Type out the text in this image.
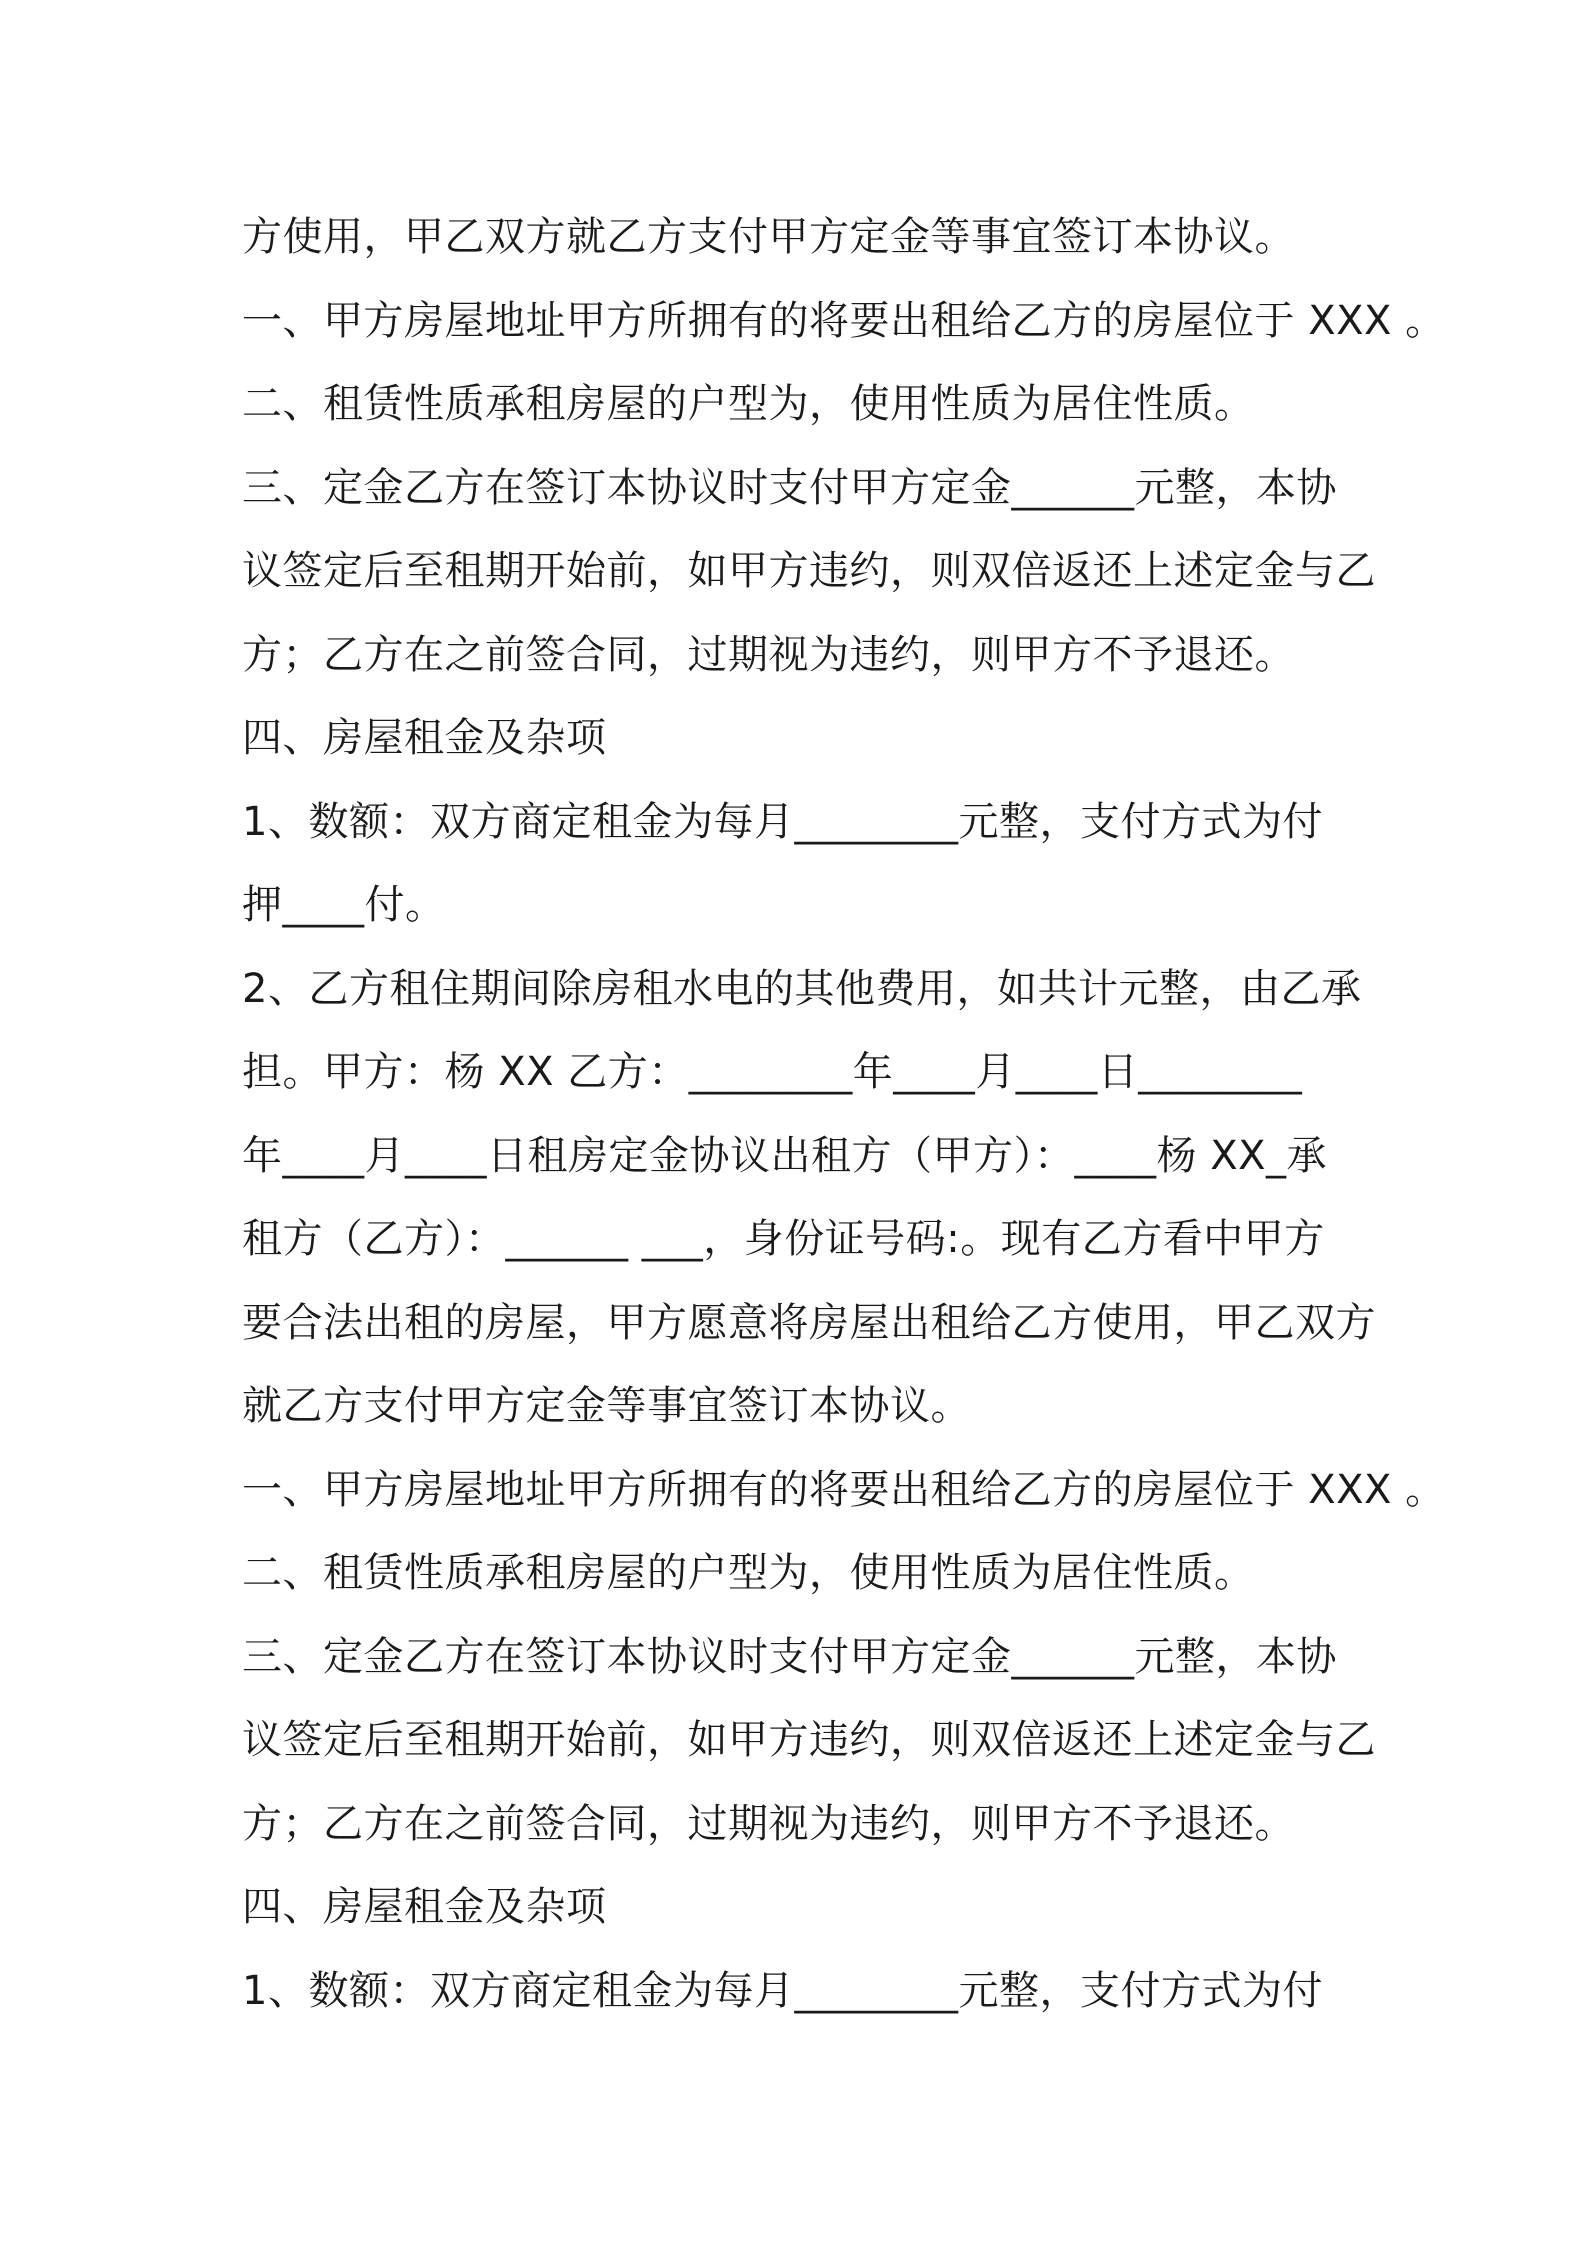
方使用，甲乙双方就乙方支付甲方定金等事宜签订本协议。
一、甲方房屋地址甲方所拥有的将要出租给乙方的房屋位于 XXX 。
二、租赁性质承租房屋的户型为，使用性质为居住性质。
三、定金乙方在签订本协议时支付甲方定金______元整，本协
议签定后至租期开始前，如甲方违约，则双倍返还上述定金与乙
方；乙方在之前签合同，过期视为违约，则甲方不予退还。
四、房屋租金及杂项
1、数额：双方商定租金为每月________元整，支付方式为付
押____付。
2、乙方租住期间除房租水电的其他费用，如共计元整，由乙承
担。甲方：杨 XX 乙方：________年____月____日________
年____月____日租房定金协议出租方（甲方）：____杨 XX_承
租方（乙方）：______ ___，身份证号码:。现有乙方看中甲方
要合法出租的房屋，甲方愿意将房屋出租给乙方使用，甲乙双方
就乙方支付甲方定金等事宜签订本协议。
一、甲方房屋地址甲方所拥有的将要出租给乙方的房屋位于 XXX 。
二、租赁性质承租房屋的户型为，使用性质为居住性质。
三、定金乙方在签订本协议时支付甲方定金______元整，本协
议签定后至租期开始前，如甲方违约，则双倍返还上述定金与乙
方；乙方在之前签合同，过期视为违约，则甲方不予退还。
四、房屋租金及杂项
1、数额：双方商定租金为每月________元整，支付方式为付
